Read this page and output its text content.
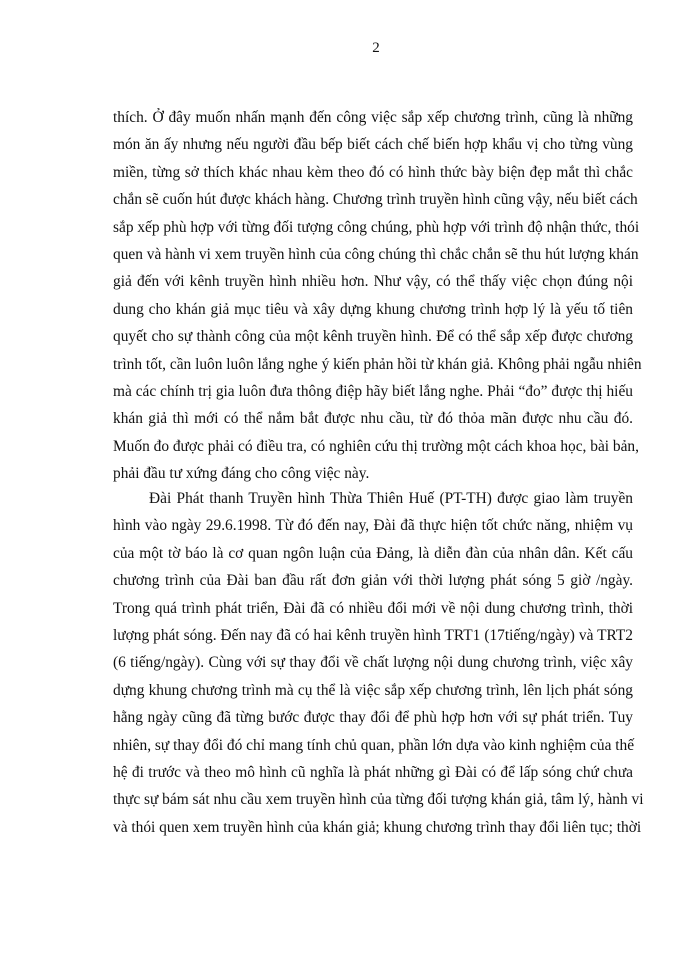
2
thích. Ở đây muốn nhấn mạnh đến công việc sắp xếp chương trình, cũng là những
món ăn ấy nhưng nếu người đầu bếp biết cách chế biến hợp khẩu vị cho từng vùng
miền, từng sở thích khác nhau kèm theo đó có hình thức bày biện đẹp mắt thì chắc
chắn sẽ cuốn hút được khách hàng. Chương trình truyền hình cũng vậy, nếu biết cách
sắp xếp phù hợp với từng đối tượng công chúng, phù hợp với trình độ nhận thức, thói
quen và hành vi xem truyền hình của công chúng thì chắc chắn sẽ thu hút lượng khán
giả đến với kênh truyền hình nhiều hơn. Như vậy, có thể thấy việc chọn đúng nội
dung cho khán giả mục tiêu và xây dựng khung chương trình hợp lý là yếu tố tiên
quyết cho sự thành công của một kênh truyền hình. Để có thể sắp xếp được chương
trình tốt, cần luôn luôn lắng nghe ý kiến phản hồi từ khán giả. Không phải ngẫu nhiên
mà các chính trị gia luôn đưa thông điệp hãy biết lắng nghe. Phải “đo” được thị hiếu
khán giả thì mới có thể nắm bắt được nhu cầu, từ đó thỏa mãn được nhu cầu đó.
Muốn đo được phải có điều tra, có nghiên cứu thị trường một cách khoa học, bài bản,
phải đầu tư xứng đáng cho công việc này.
Đài Phát thanh Truyền hình Thừa Thiên Huế (PT-TH) được giao làm truyền
hình vào ngày 29.6.1998. Từ đó đến nay, Đài đã thực hiện tốt chức năng, nhiệm vụ
của một tờ báo là cơ quan ngôn luận của Đảng, là diễn đàn của nhân dân. Kết cấu
chương trình của Đài ban đầu rất đơn giản với thời lượng phát sóng 5 giờ /ngày.
Trong quá trình phát triển, Đài đã có nhiều đổi mới về nội dung chương trình, thời
lượng phát sóng. Đến nay đã có hai kênh truyền hình TRT1 (17tiếng/ngày) và TRT2
(6 tiếng/ngày). Cùng với sự thay đổi về chất lượng nội dung chương trình, việc xây
dựng khung chương trình mà cụ thể là việc sắp xếp chương trình, lên lịch phát sóng
hằng ngày cũng đã từng bước được thay đổi để phù hợp hơn với sự phát triển. Tuy
nhiên, sự thay đổi đó chỉ mang tính chủ quan, phần lớn dựa vào kinh nghiệm của thế
hệ đi trước và theo mô hình cũ nghĩa là phát những gì Đài có để lấp sóng chứ chưa
thực sự bám sát nhu cầu xem truyền hình của từng đối tượng khán giả, tâm lý, hành vi
và thói quen xem truyền hình của khán giả; khung chương trình thay đổi liên tục; thời
